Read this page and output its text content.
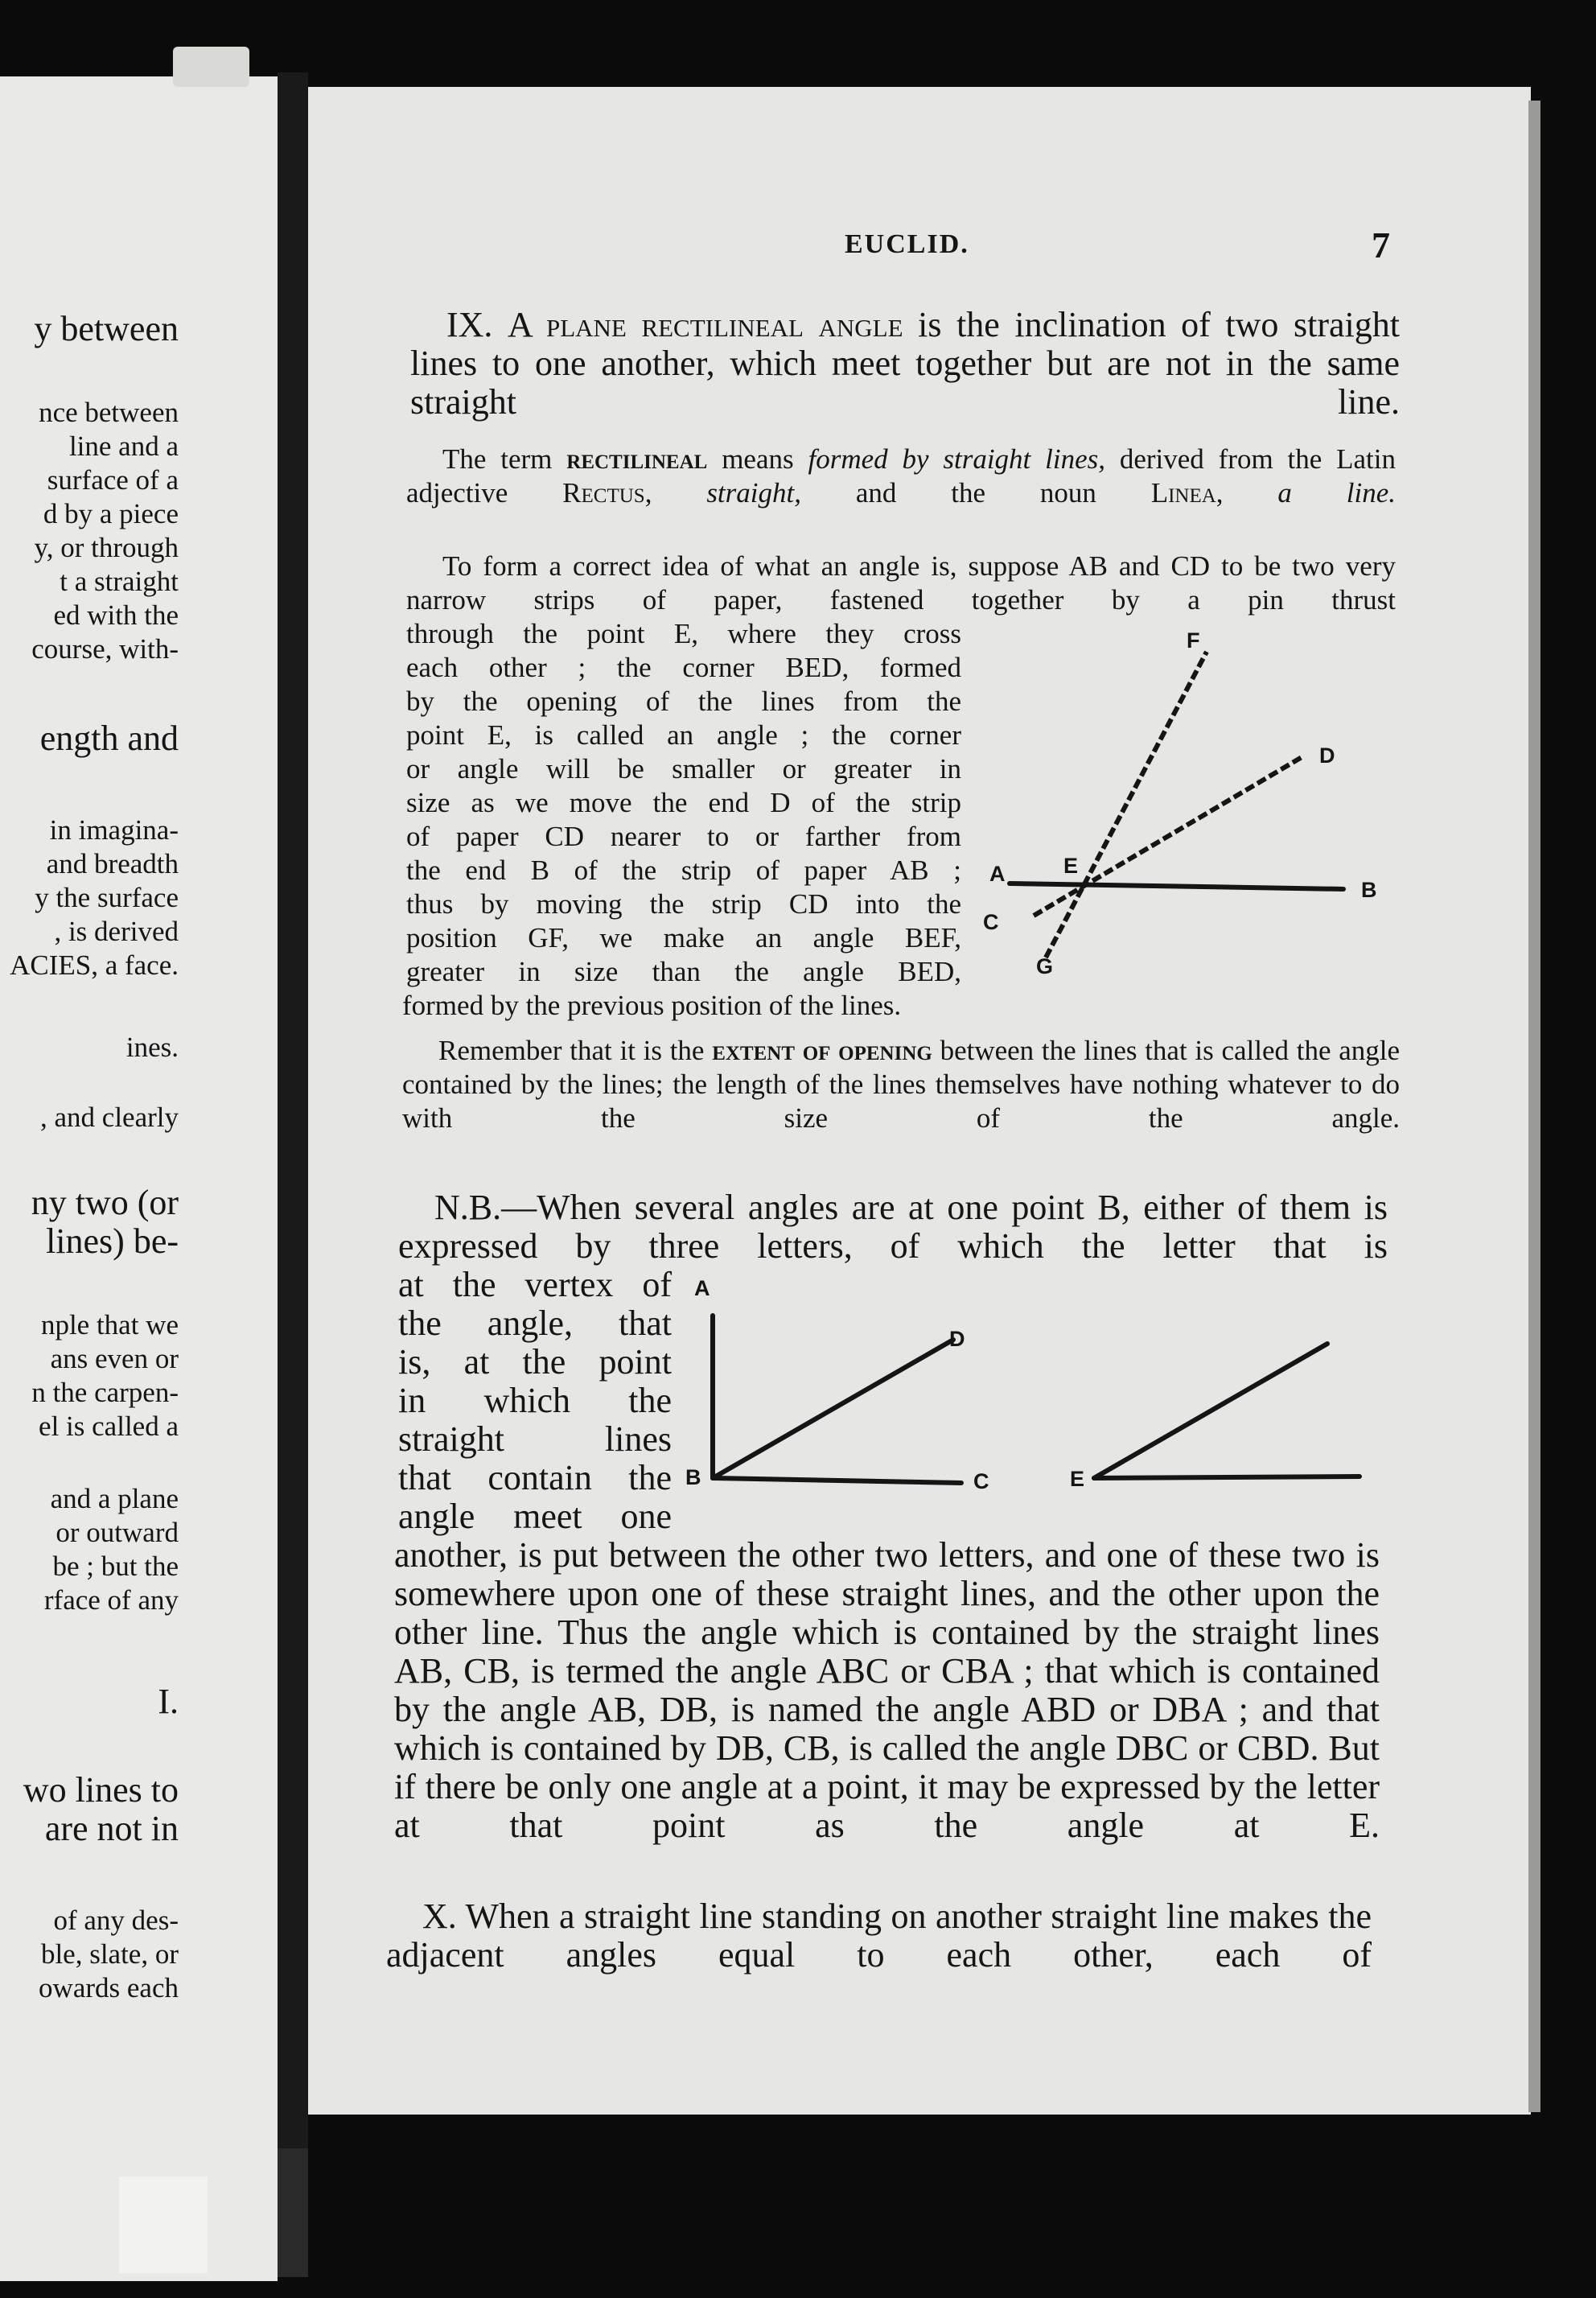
y between
nce between
line and a
surface of a
d by a piece
y, or through
t a straight
ed with the
course, with-
ength and
in imagina-
and breadth
y the surface
, is derived
ACIES, a face.
ines.
, and clearly
ny two (or
lines) be-
nple that we
ans even or
n the carpen-
el is called a
and a plane
or outward
be ; but the
rface of any
I.
wo lines to
are not in
of any des-
ble, slate, or
owards each
EUCLID.	7
IX. A plane rectilineal angle is the inclination of two straight lines to one another, which meet together but are not in the same straight line.
The term rectilineal means formed by straight lines, derived from the Latin adjective Rectus, straight, and the noun Linea, a line.
To form a correct idea of what an angle is, suppose AB and CD to be two very narrow strips of paper, fastened together by a pin thrust
through the point E, where they cross
each other ; the corner BED, formed
by the opening of the lines from the
point E, is called an angle ; the corner
or angle will be smaller or greater in
size as we move the end D of the strip
of paper CD nearer to or farther from
the end B of the strip of paper AB ;
thus by moving the strip CD into the
position GF, we make an angle BEF,
greater in size than the angle BED,
formed by the previous position of the lines.
A
B
C
D
E
F
G
Remember that it is the extent of opening between the lines that is called the angle contained by the lines; the length of the lines themselves have nothing whatever to do with the size of the angle.
N.B.—When several angles are at one point B, either of them is expressed by three letters, of which the letter that is
at the vertex of
the angle, that
is, at the point
in which the
straight lines
that contain the
angle meet one
another, is put between the other two letters, and one of these two is somewhere upon one of these straight lines, and the other upon the other line. Thus the angle which is contained by the straight lines AB, CB, is termed the angle ABC or CBA ; that which is contained by the angle AB, DB, is named the angle ABD or DBA ; and that which is contained by DB, CB, is called the angle DBC or CBD. But if there be only one angle at a point, it may be expressed by the letter at that point as the angle at E.
A
B	C
D
E
X. When a straight line standing on another straight line makes the adjacent angles equal to each other, each of
